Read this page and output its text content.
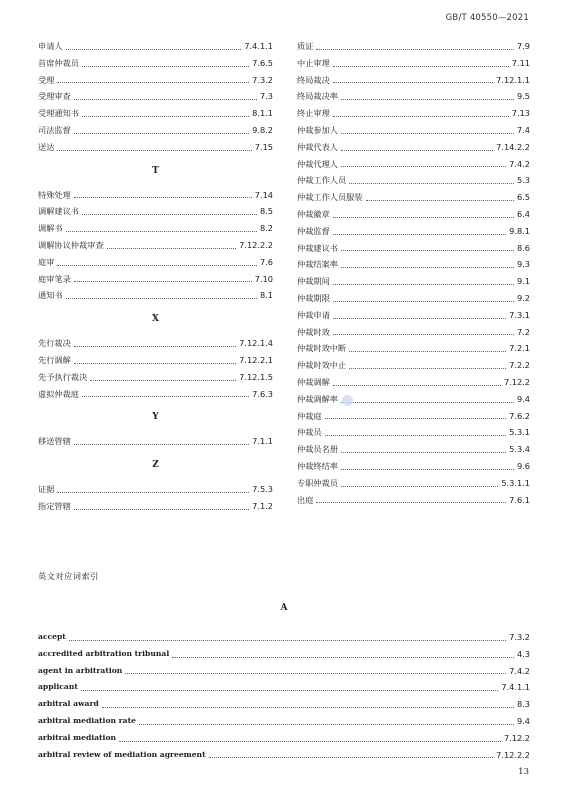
GB/T 40550—2021
申请人	7.4.1.1
首席仲裁员	7.6.5
受理	7.3.2
受理审查	7.3
受理通知书	8.1.1
司法监督	9.8.2
送达	7.15
T
特殊处理	7.14
调解建议书	8.5
调解书	8.2
调解协议仲裁审查	7.12.2.2
庭审	7.6
庭审笔录	7.10
通知书	8.1
X
先行裁决	7.12.1.4
先行调解	7.12.2.1
先予执行裁决	7.12.1.5
虚拟仲裁庭	7.6.3
Y
移送管辖	7.1.1
Z
证据	7.5.3
指定管辖	7.1.2
质证	7.9
中止审理	7.11
终局裁决	7.12.1.1
终局裁决率	9.5
终止审理	7.13
仲裁参加人	7.4
仲裁代表人	7.14.2.2
仲裁代理人	7.4.2
仲裁工作人员	5.3
仲裁工作人员服装	6.5
仲裁徽章	6.4
仲裁监督	9.8.1
仲裁建议书	8.6
仲裁结案率	9.3
仲裁期间	9.1
仲裁期限	9.2
仲裁申请	7.3.1
仲裁时效	7.2
仲裁时效中断	7.2.1
仲裁时效中止	7.2.2
仲裁调解	7.12.2
仲裁调解率	9.4
仲裁庭	7.6.2
仲裁员	5.3.1
仲裁员名册	5.3.4
仲裁终结率	9.6
专职仲裁员	5.3.1.1
出庭	7.6.1
英文对应词索引
A
accept	7.3.2
accredited arbitration tribunal	4.3
agent in arbitration	7.4.2
applicant	7.4.1.1
arbitral award	8.3
arbitral mediation rate	9.4
arbitral mediation	7.12.2
arbitral review of mediation agreement	7.12.2.2
13
